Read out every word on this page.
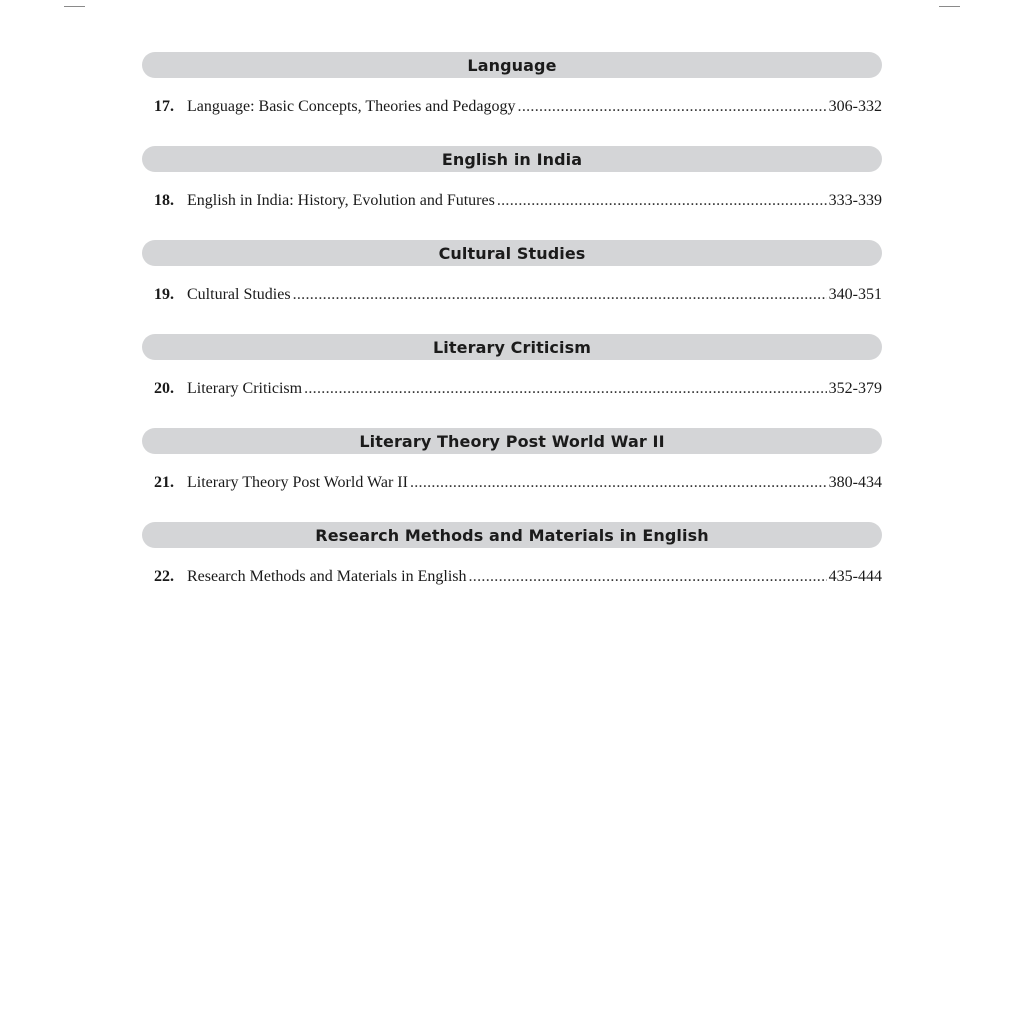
Language
17. Language: Basic Concepts, Theories and Pedagogy .....	306-332
English in India
18. English in India: History, Evolution and Futures .....	333-339
Cultural Studies
19. Cultural Studies .....	340-351
Literary Criticism
20. Literary Criticism .....	352-379
Literary Theory Post World War II
21. Literary Theory Post World War II .....	380-434
Research Methods and Materials in English
22. Research Methods and Materials in English .....	435-444
